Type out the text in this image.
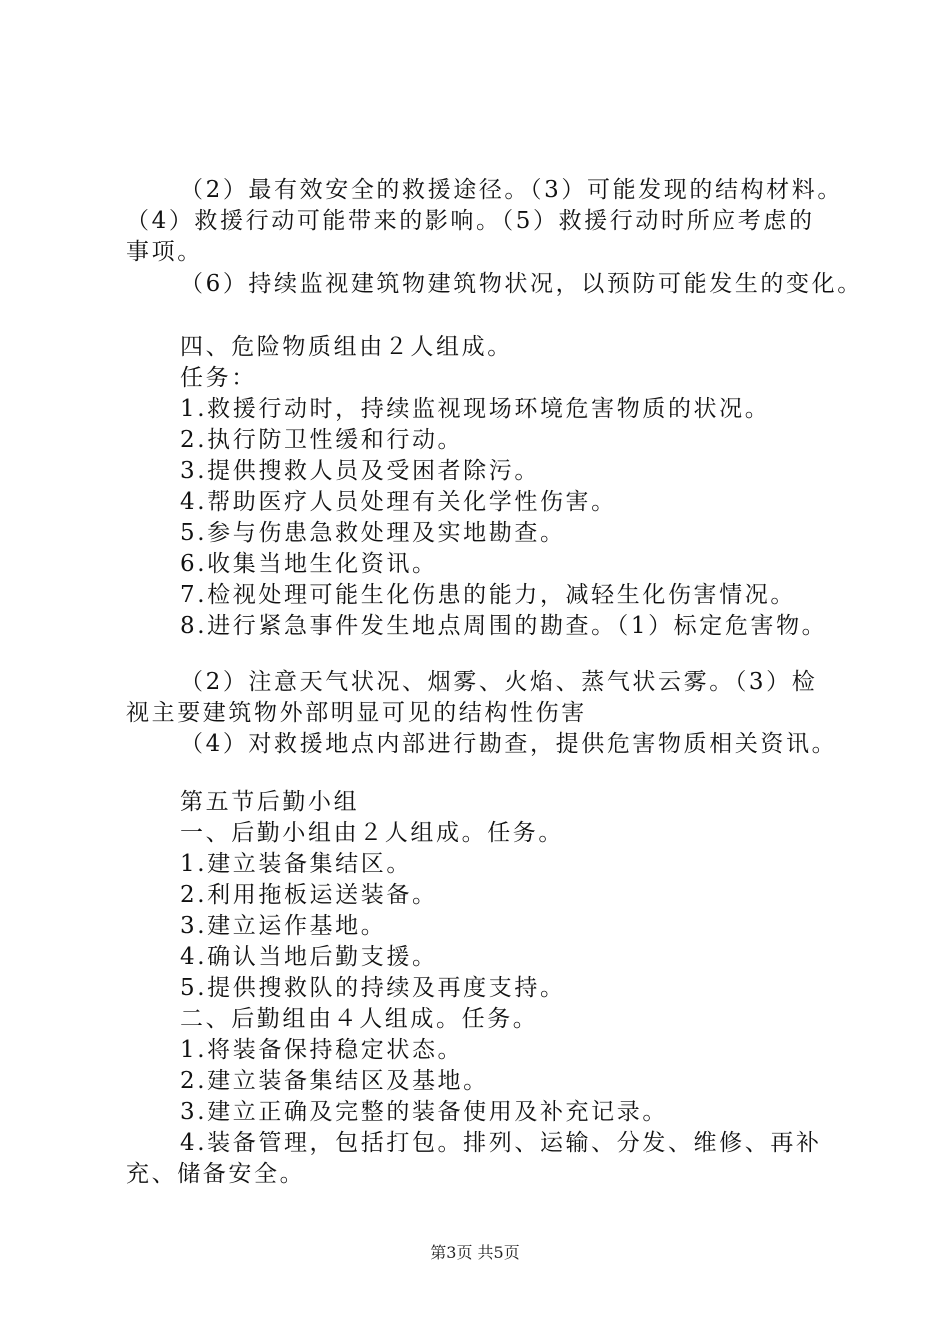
（2）最有效安全的救援途径。（3）可能发现的结构材料。
（4）救援行动可能带来的影响。（5）救援行动时所应考虑的
事项。
（6）持续监视建筑物建筑物状况，以预防可能发生的变化。
四、危险物质组由２人组成。
任务：
1.救援行动时，持续监视现场环境危害物质的状况。
2.执行防卫性缓和行动。
3.提供搜救人员及受困者除污。
4.帮助医疗人员处理有关化学性伤害。
5.参与伤患急救处理及实地勘查。
6.收集当地生化资讯。
7.检视处理可能生化伤患的能力，减轻生化伤害情况。
8.进行紧急事件发生地点周围的勘查。（1）标定危害物。
（2）注意天气状况、烟雾、火焰、蒸气状云雾。（3）检
视主要建筑物外部明显可见的结构性伤害
（4）对救援地点内部进行勘查，提供危害物质相关资讯。
第五节后勤小组
一、后勤小组由２人组成。任务。
1.建立装备集结区。
2.利用拖板运送装备。
3.建立运作基地。
4.确认当地后勤支援。
5.提供搜救队的持续及再度支持。
二、后勤组由４人组成。任务。
1.将装备保持稳定状态。
2.建立装备集结区及基地。
3.建立正确及完整的装备使用及补充记录。
4.装备管理，包括打包。排列、运输、分发、维修、再补
充、储备安全。
第3页 共5页
